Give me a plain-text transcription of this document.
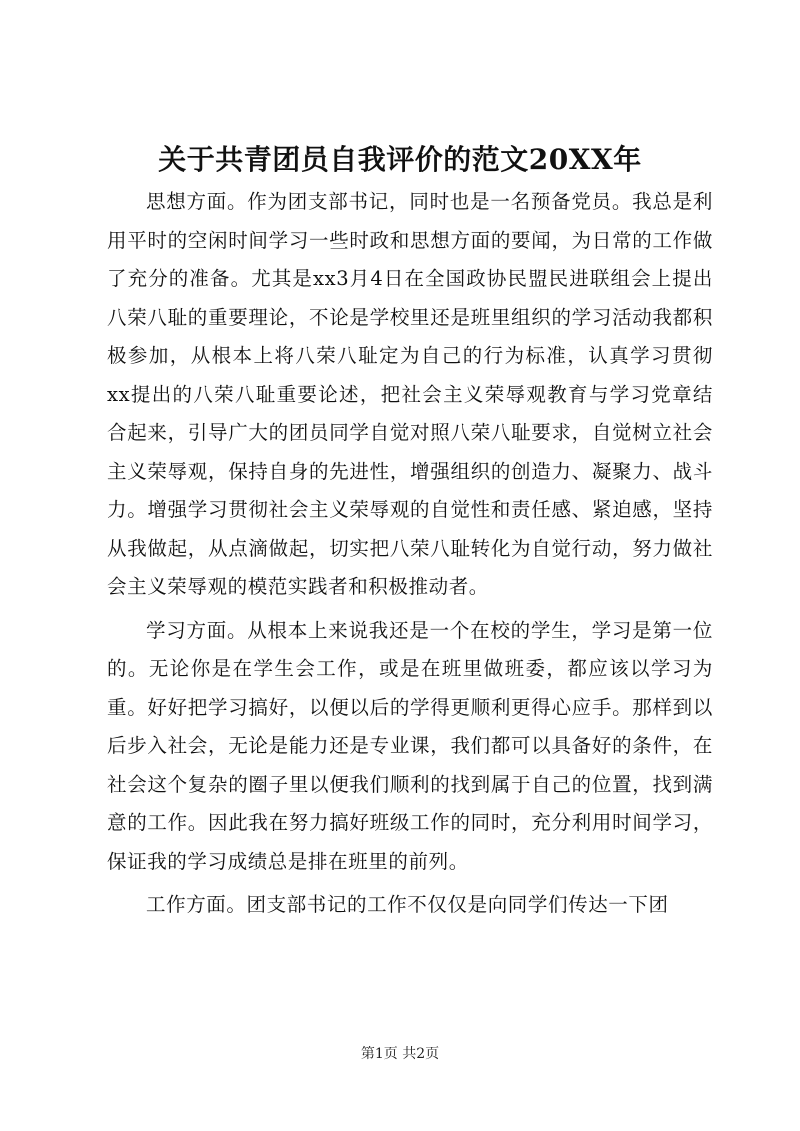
关于共青团员自我评价的范文20XX年

思想方面。作为团支部书记，同时也是一名预备党员。我总是利用平时的空闲时间学习一些时政和思想方面的要闻，为日常的工作做了充分的准备。尤其是xx3月4日在全国政协民盟民进联组会上提出八荣八耻的重要理论，不论是学校里还是班里组织的学习活动我都积极参加，从根本上将八荣八耻定为自己的行为标准，认真学习贯彻xx提出的八荣八耻重要论述，把社会主义荣辱观教育与学习党章结合起来，引导广大的团员同学自觉对照八荣八耻要求，自觉树立社会主义荣辱观，保持自身的先进性，增强组织的创造力、凝聚力、战斗力。增强学习贯彻社会主义荣辱观的自觉性和责任感、紧迫感，坚持从我做起，从点滴做起，切实把八荣八耻转化为自觉行动，努力做社会主义荣辱观的模范实践者和积极推动者。

学习方面。从根本上来说我还是一个在校的学生，学习是第一位的。无论你是在学生会工作，或是在班里做班委，都应该以学习为重。好好把学习搞好，以便以后的学得更顺利更得心应手。那样到以后步入社会，无论是能力还是专业课，我们都可以具备好的条件，在社会这个复杂的圈子里以便我们顺利的找到属于自己的位置，找到满意的工作。因此我在努力搞好班级工作的同时，充分利用时间学习，保证我的学习成绩总是排在班里的前列。

工作方面。团支部书记的工作不仅仅是向同学们传达一下团

第1页 共2页
